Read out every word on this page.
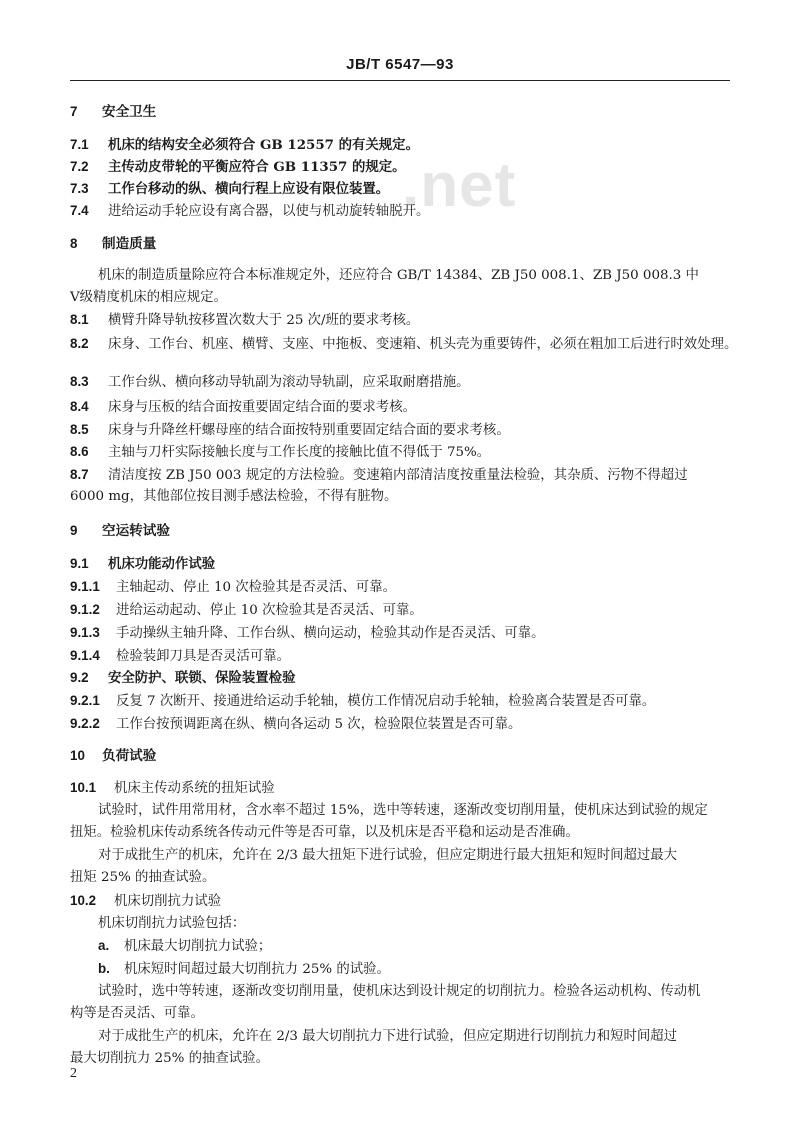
JB/T 6547—93
.net
7 安全卫生
7.1 机床的结构安全必须符合 GB 12557 的有关规定。
7.2 主传动皮带轮的平衡应符合 GB 11357 的规定。
7.3 工作台移动的纵、横向行程上应设有限位装置。
7.4 进给运动手轮应设有离合器，以使与机动旋转轴脱开。
8 制造质量
机床的制造质量除应符合本标准规定外，还应符合 GB/T 14384、ZB J50 008.1、ZB J50 008.3 中
Ⅴ级精度机床的相应规定。
8.1 横臂升降导轨按移置次数大于 25 次/班的要求考核。
8.2 床身、工作台、机座、横臂、支座、中拖板、变速箱、机头壳为重要铸件，必须在粗加工后进行时效处理。
8.3 工作台纵、横向移动导轨副为滚动导轨副，应采取耐磨措施。
8.4 床身与压板的结合面按重要固定结合面的要求考核。
8.5 床身与升降丝杆螺母座的结合面按特别重要固定结合面的要求考核。
8.6 主轴与刀杆实际接触长度与工作长度的接触比值不得低于 75%。
8.7 清洁度按 ZB J50 003 规定的方法检验。变速箱内部清洁度按重量法检验，其杂质、污物不得超过
6000 mg，其他部位按目测手感法检验，不得有脏物。
9 空运转试验
9.1 机床功能动作试验
9.1.1 主轴起动、停止 10 次检验其是否灵活、可靠。
9.1.2 进给运动起动、停止 10 次检验其是否灵活、可靠。
9.1.3 手动操纵主轴升降、工作台纵、横向运动，检验其动作是否灵活、可靠。
9.1.4 检验装卸刀具是否灵活可靠。
9.2 安全防护、联锁、保险装置检验
9.2.1 反复 7 次断开、接通进给运动手轮轴，模仿工作情况启动手轮轴，检验离合装置是否可靠。
9.2.2 工作台按预调距离在纵、横向各运动 5 次，检验限位装置是否可靠。
10 负荷试验
10.1 机床主传动系统的扭矩试验
试验时，试件用常用材，含水率不超过 15%，选中等转速，逐渐改变切削用量，使机床达到试验的规定
扭矩。检验机床传动系统各传动元件等是否可靠，以及机床是否平稳和运动是否准确。
对于成批生产的机床，允许在 2/3 最大扭矩下进行试验，但应定期进行最大扭矩和短时间超过最大
扭矩 25% 的抽查试验。
10.2 机床切削抗力试验
机床切削抗力试验包括：
a. 机床最大切削抗力试验；
b. 机床短时间超过最大切削抗力 25% 的试验。
试验时，选中等转速，逐渐改变切削用量，使机床达到设计规定的切削抗力。检验各运动机构、传动机
构等是否灵活、可靠。
对于成批生产的机床，允许在 2/3 最大切削抗力下进行试验，但应定期进行切削抗力和短时间超过
最大切削抗力 25% 的抽查试验。
2
